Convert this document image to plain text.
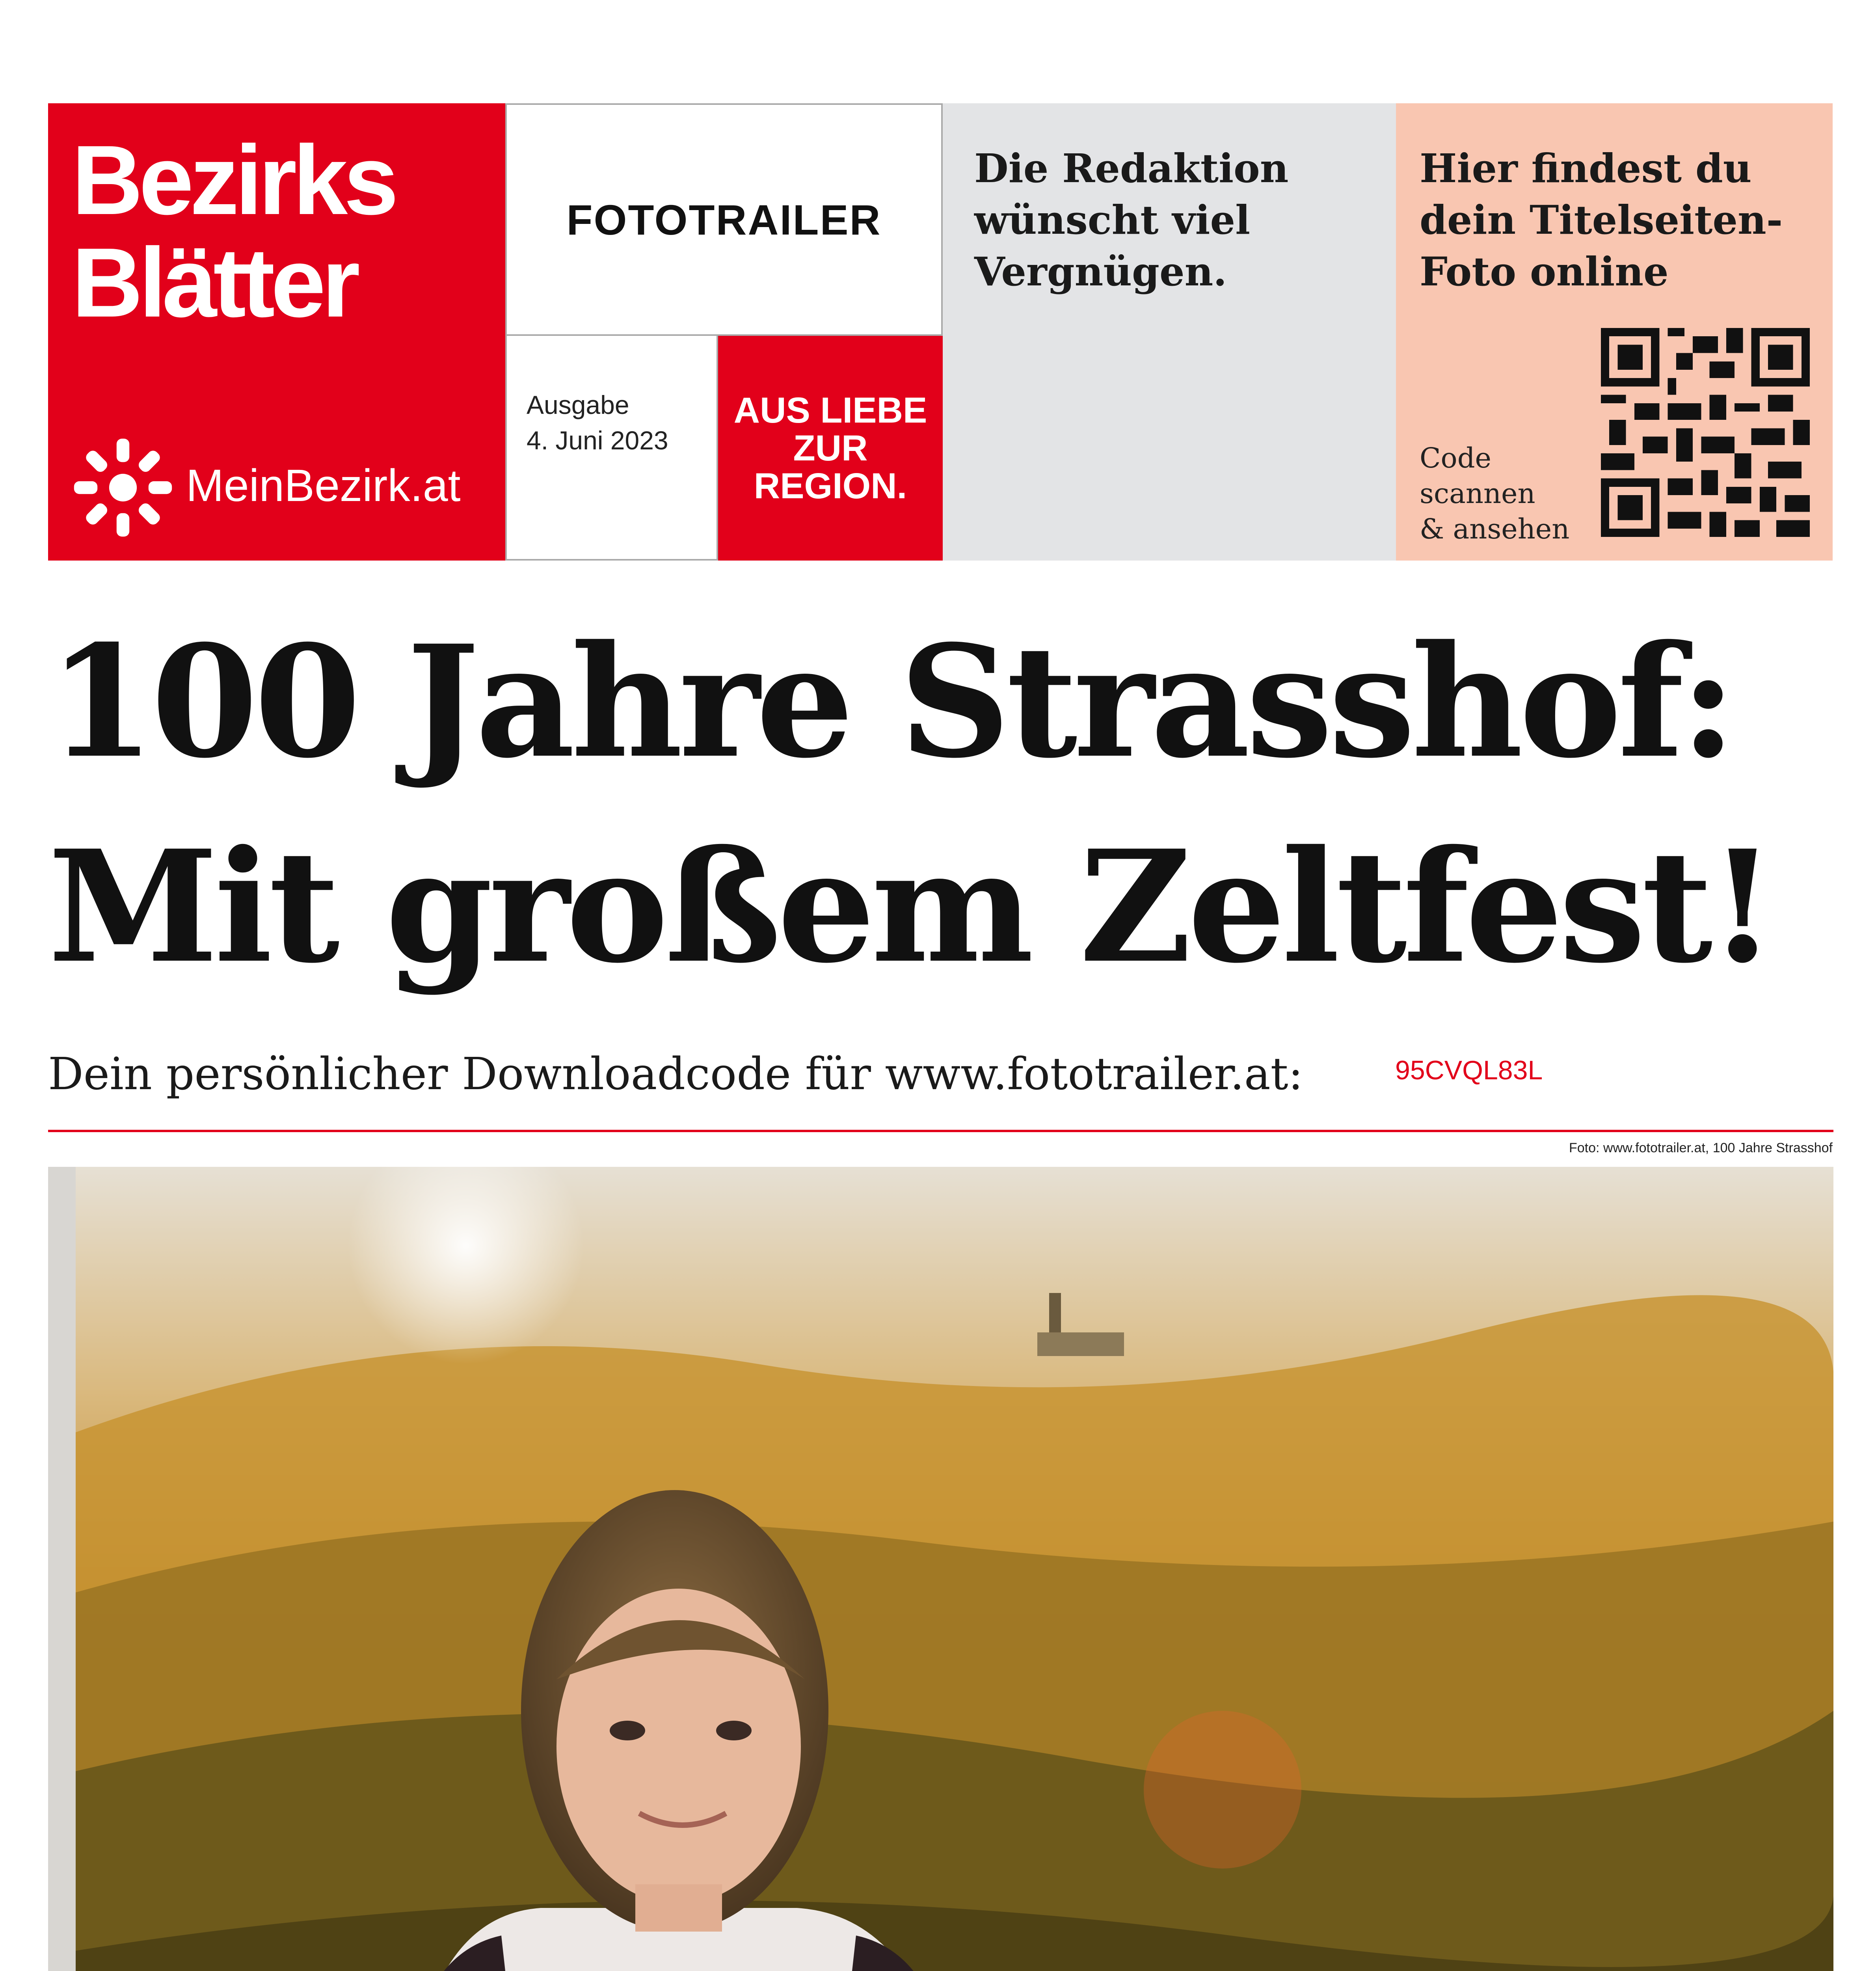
Bezirks
Blätter
MeinBezirk.at
FOTOTRAILER
Ausgabe
4. Juni 2023
AUS LIEBE
ZUR
REGION.
Die Redaktion wünscht viel Vergnügen.
Hier findest du dein Titelseiten-Foto online
Code
scannen
& ansehen
100 Jahre Strasshof:
Mit großem Zeltfest!
Dein persönlicher Downloadcode für www.fototrailer.at:	95CVQL83L
Foto: www.fototrailer.at, 100 Jahre Strasshof
